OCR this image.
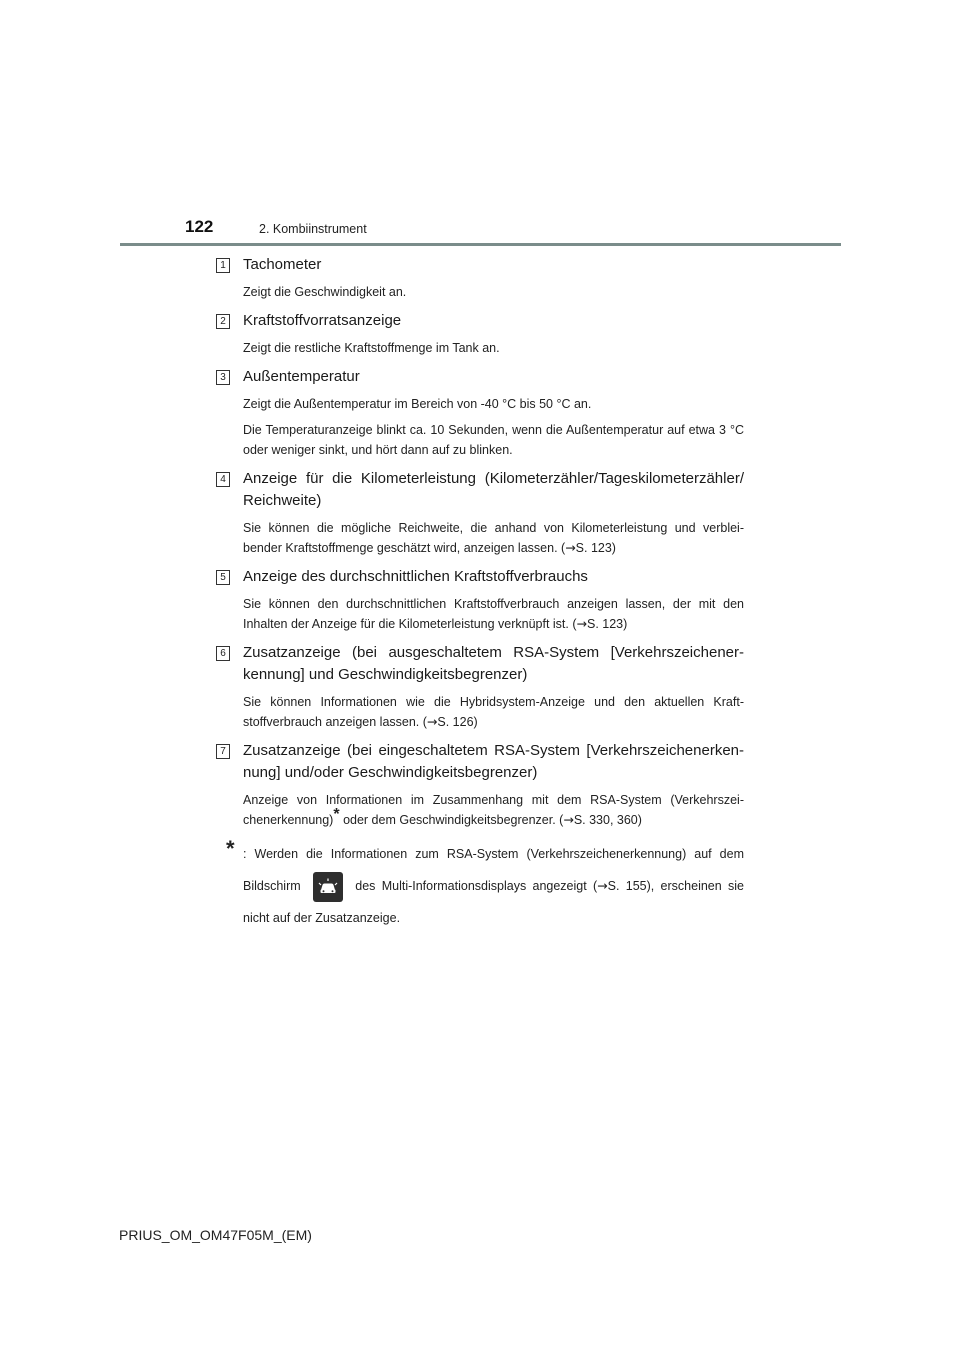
122	2. Kombiinstrument
1 Tachometer

Zeigt die Geschwindigkeit an.

2 Kraftstoffvorratsanzeige

Zeigt die restliche Kraftstoffmenge im Tank an.

3 Außentemperatur

Zeigt die Außentemperatur im Bereich von -40 °C bis 50 °C an.

Die Temperaturanzeige blinkt ca. 10 Sekunden, wenn die Außentemperatur auf etwa 3 °C oder weniger sinkt, und hört dann auf zu blinken.

4 Anzeige für die Kilometerleistung (Kilometerzähler/Tageskilometerzähler/ Reichweite)

Sie können die mögliche Reichweite, die anhand von Kilometerleistung und verblei- bender Kraftstoffmenge geschätzt wird, anzeigen lassen. (→S. 123)

5 Anzeige des durchschnittlichen Kraftstoffverbrauchs

Sie können den durchschnittlichen Kraftstoffverbrauch anzeigen lassen, der mit den Inhalten der Anzeige für die Kilometerleistung verknüpft ist. (→S. 123)

6 Zusatzanzeige (bei ausgeschaltetem RSA-System [Verkehrszeichener- kennung] und Geschwindigkeitsbegrenzer)

Sie können Informationen wie die Hybridsystem-Anzeige und den aktuellen Kraft- stoffverbrauch anzeigen lassen. (→S. 126)

7 Zusatzanzeige (bei eingeschaltetem RSA-System [Verkehrszeichenerken- nung] und/oder Geschwindigkeitsbegrenzer)

Anzeige von Informationen im Zusammenhang mit dem RSA-System (Verkehrszei- chenerkennung)* oder dem Geschwindigkeitsbegrenzer. (→S. 330, 360)

* : Werden die Informationen zum RSA-System (Verkehrszeichenerkennung) auf dem Bildschirm	des Multi-Informationsdisplays angezeigt (→S. 155), erscheinen sie nicht auf der Zusatzanzeige.
PRIUS_OM_OM47F05M_(EM)
